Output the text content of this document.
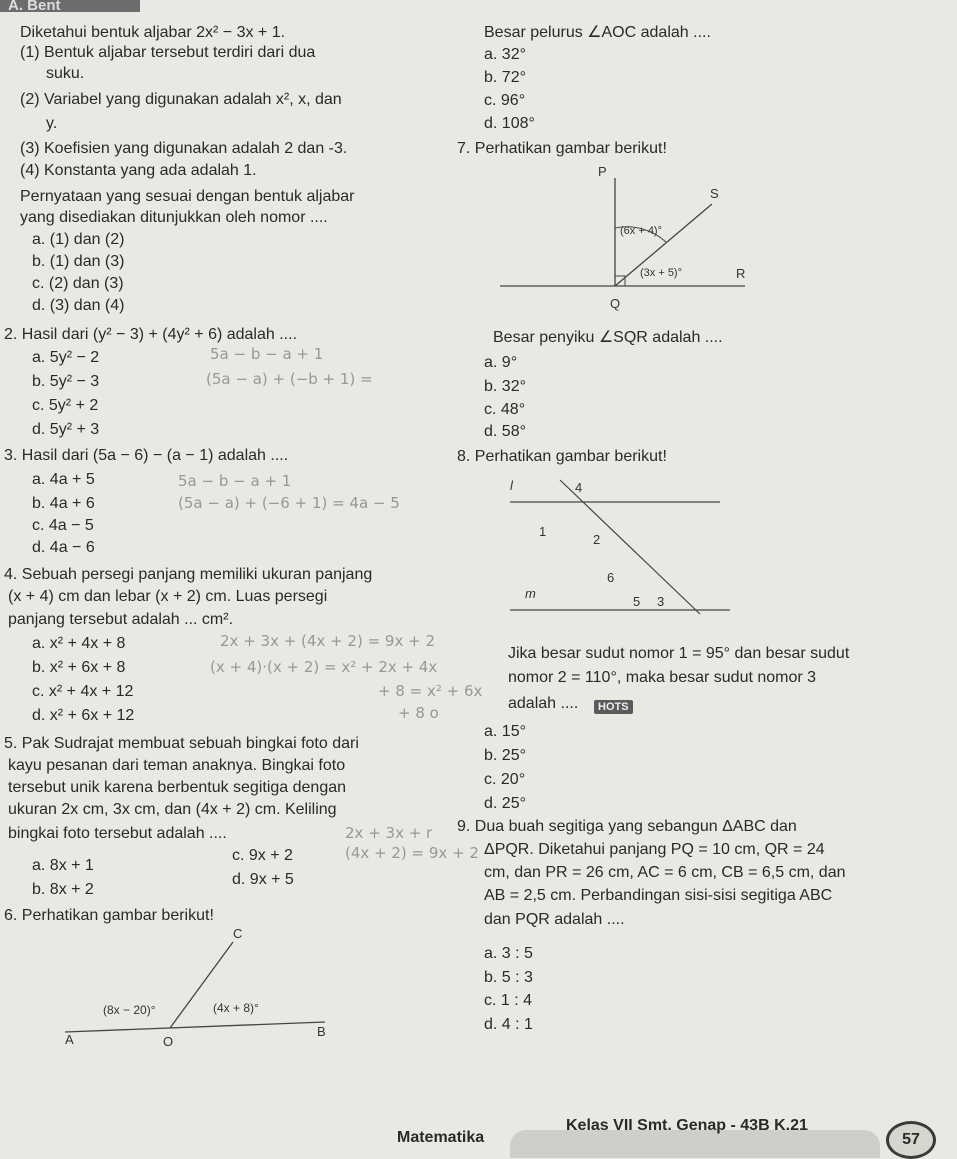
A. Bent
Diketahui bentuk aljabar 2x² − 3x + 1.
(1) Bentuk aljabar tersebut terdiri dari dua
suku.
(2) Variabel yang digunakan adalah x², x, dan
y.
(3) Koefisien yang digunakan adalah 2 dan -3.
(4) Konstanta yang ada adalah 1.
Pernyataan yang sesuai dengan bentuk aljabar
yang disediakan ditunjukkan oleh nomor ....
a. (1) dan (2)
b. (1) dan (3)
c. (2) dan (3)
d. (3) dan (4)
2. Hasil dari (y² − 3) + (4y² + 6) adalah ....
a. 5y² − 2
b. 5y² − 3
c. 5y² + 2
d. 5y² + 3
3. Hasil dari (5a − 6) − (a − 1) adalah ....
a. 4a + 5
b. 4a + 6
c. 4a − 5
d. 4a − 6
4. Sebuah persegi panjang memiliki ukuran panjang
(x + 4) cm dan lebar (x + 2) cm. Luas persegi
panjang tersebut adalah ... cm².
a. x² + 4x + 8
b. x² + 6x + 8
c. x² + 4x + 12
d. x² + 6x + 12
5. Pak Sudrajat membuat sebuah bingkai foto dari
kayu pesanan dari teman anaknya. Bingkai foto
tersebut unik karena berbentuk segitiga dengan
ukuran 2x cm, 3x cm, dan (4x + 2) cm. Keliling
bingkai foto tersebut adalah ....
a. 8x + 1
b. 8x + 2
c. 9x + 2
d. 9x + 5
6. Perhatikan gambar berikut!
C
A	O
B
(8x − 20)°	(4x + 8)°
Besar pelurus ∠AOC adalah ....
a. 32°
b. 72°
c. 96°
d. 108°
7. Perhatikan gambar berikut!
P
S
R
Q
(6x + 4)°
(3x + 5)°
Besar penyiku ∠SQR adalah ....
a. 9°
b. 32°
c. 48°
d. 58°
8. Perhatikan gambar berikut!
l
m
4
1
2
6
5 3
Jika besar sudut nomor 1 = 95° dan besar sudut
nomor 2 = 110°, maka besar sudut nomor 3
adalah ....	HOTS
a. 15°
b. 25°
c. 20°
d. 25°
9. Dua buah segitiga yang sebangun ΔABC dan
ΔPQR. Diketahui panjang PQ = 10 cm, QR = 24
cm, dan PR = 26 cm, AC = 6 cm, CB = 6,5 cm, dan
AB = 2,5 cm. Perbandingan sisi-sisi segitiga ABC
dan PQR adalah ....
a. 3 : 5
b. 5 : 3
c. 1 : 4
d. 4 : 1
5a − b − a + 1
(5a − a) + (−b + 1) =
5a − b − a + 1
(5a − a) + (−6 + 1) = 4a − 5
2x + 3x + (4x + 2) = 9x + 2
(x + 4)·(x + 2) = x² + 2x + 4x
+ 8 = x² + 6x
+ 8 o
2x + 3x + r
(4x + 2) = 9x + 2
Matematika
Kelas VII Smt. Genap - 43B K.21
57
